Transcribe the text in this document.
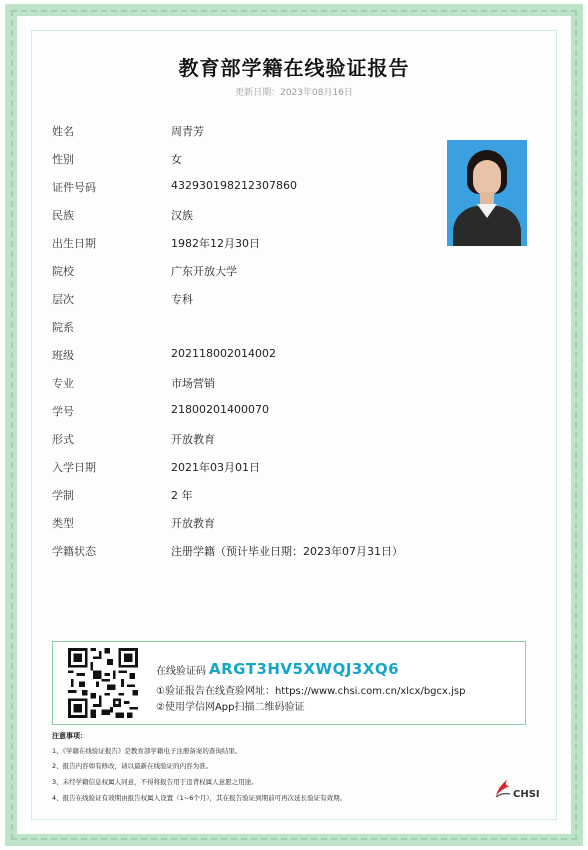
教育部学籍在线验证报告
更新日期：2023年08月16日
姓名	周青芳
性别	女
证件号码	432930198212307860
民族	汉族
出生日期	1982年12月30日
院校	广东开放大学
层次	专科
院系
班级	202118002014002
专业	市场营销
学号	21800201400070
形式	开放教育
入学日期	2021年03月01日
学制	2 年
类型	开放教育
学籍状态	注册学籍（预计毕业日期：2023年07月31日）
在线验证码 ARGT3HV5XWQJ3XQ6
①验证报告在线查验网址：https://www.chsi.com.cn/xlcx/bgcx.jsp
②使用学信网App扫描二维码验证
注意事项：
1、《学籍在线验证报告》是教育部学籍电子注册备案的查询结果。
2、报告内容如有修改，请以最新在线验证的内容为准。
3、未经学籍信息权属人同意，不得将报告用于违背权属人意愿之用途。
4、报告在线验证有效期由报告权属人设置（1~6个月），其在报告验证到期前可再次延长验证有效期。	CHSI
